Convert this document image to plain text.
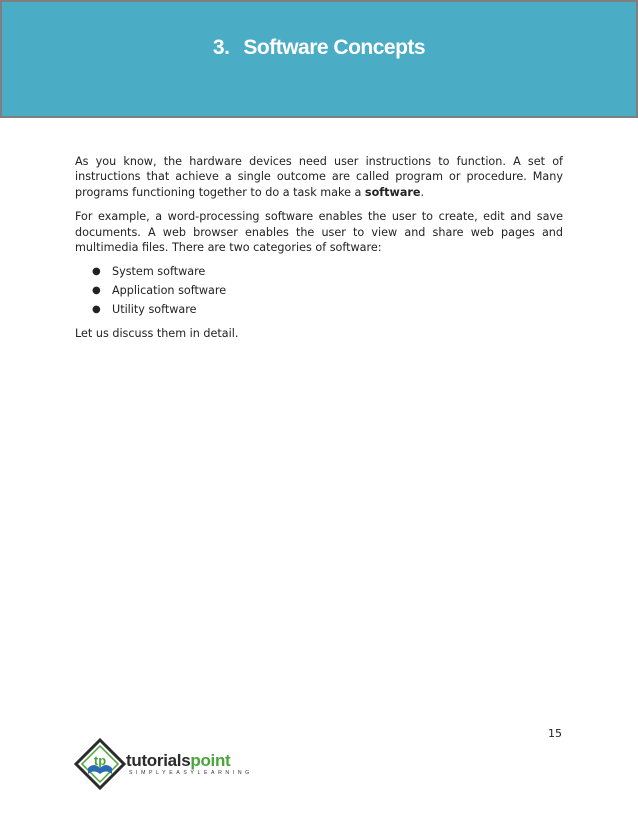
3. Software Concepts

As you know, the hardware devices need user instructions to function. A set of instructions that achieve a single outcome are called program or procedure. Many programs functioning together to do a task make a software.

For example, a word-processing software enables the user to create, edit and save documents. A web browser enables the user to view and share web pages and multimedia files. There are two categories of software:

● System software
● Application software
● Utility software

Let us discuss them in detail.

15
tp tutorialspoint
SIMPLYEASYLEARNING
